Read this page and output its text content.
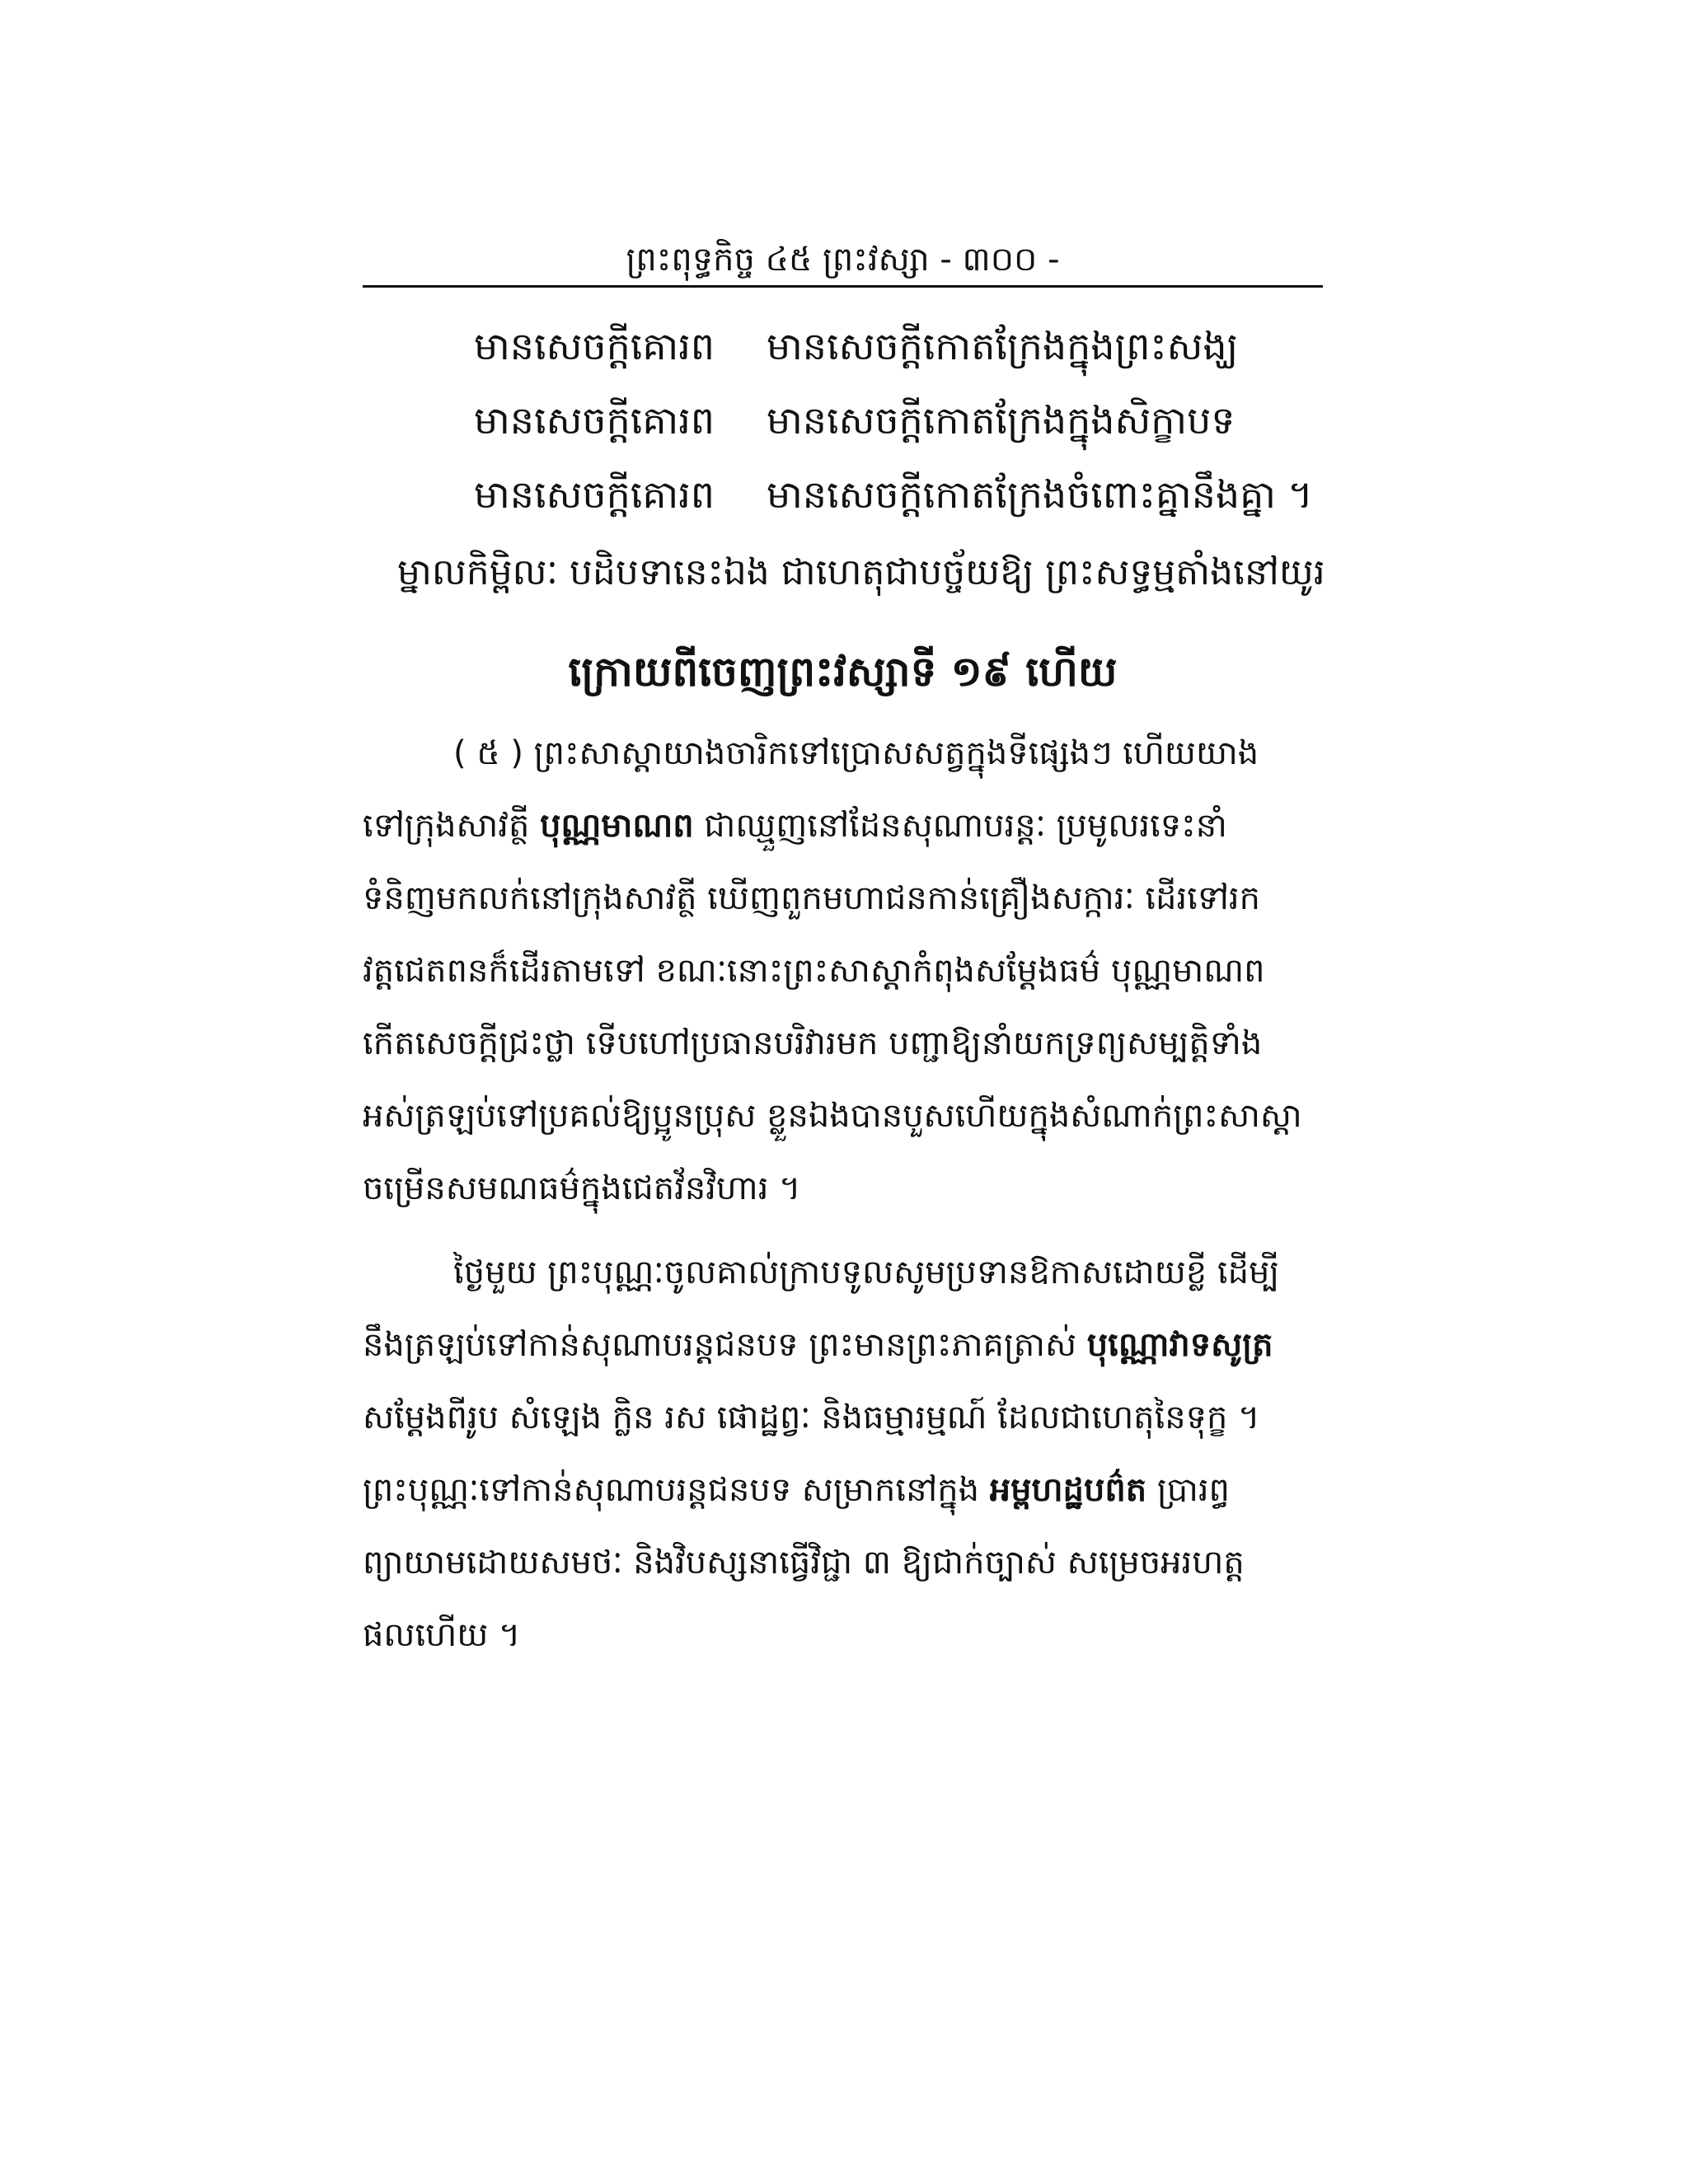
ព្រះពុទ្ធកិច្ច ៤៥ ព្រះវស្សា - ៣០០ -
មានសេចក្តីគោរព មានសេចក្តីកោតក្រែងក្នុងព្រះសង្ឃ
មានសេចក្តីគោរព មានសេចក្តីកោតក្រែងក្នុងសិក្ខាបទ
មានសេចក្តីគោរព មានសេចក្តីកោតក្រែងចំពោះគ្នានឹងគ្នា ។
ម្នាលកិម្ពិលៈ បដិបទានេះឯង ជាហេតុជាបច្ច័យឱ្យ ព្រះសទ្ធម្មតាំងនៅយូរ
ក្រោយពីចេញព្រះវស្សាទី ១៩ ហើយ
( ៥ ) ព្រះសាស្តាយាងចារិកទៅប្រោសសត្វក្នុងទីផ្សេងៗ ហើយយាង
ទៅក្រុងសាវត្ថី បុណ្ណមាណព ជាឈ្មួញនៅដែនសុណាបរន្តៈ ប្រមូលរទេះនាំ
ទំនិញមកលក់នៅក្រុងសាវត្ថី ឃើញពួកមហាជនកាន់គ្រឿងសក្ការៈ ដើរទៅរក
វត្តជេតពនក៏ដើរតាមទៅ ខណៈនោះព្រះសាស្តាកំពុងសម្តែងធម៌ បុណ្ណមាណព
កើតសេចក្តីជ្រះថ្លា ទើបហៅប្រធានបរិវារមក បញ្ជាឱ្យនាំយកទ្រព្យសម្បត្តិទាំង
អស់ត្រឡប់ទៅប្រគល់ឱ្យប្អូនប្រុស ខ្លួនឯងបានបួសហើយក្នុងសំណាក់ព្រះសាស្តា
ចម្រើនសមណធម៌ក្នុងជេតវ័នវិហារ ។
ថ្ងៃមួយ ព្រះបុណ្ណៈចូលគាល់ក្រាបទូលសូមប្រទានឱកាសដោយខ្លី ដើម្បី
នឹងត្រឡប់ទៅកាន់សុណាបរន្តជនបទ ព្រះមានព្រះភាគត្រាស់ បុណ្ណោវាទសូត្រ
សម្តែងពីរូប សំឡេង ក្លិន រស ផោដ្ឋព្វៈ និងធម្មារម្មណ៍ ដែលជាហេតុនៃទុក្ខ ។
ព្រះបុណ្ណៈទៅកាន់សុណាបរន្តជនបទ សម្រាកនៅក្នុង អម្ពហដ្ឋបព៌ត ប្រារព្ធ
ព្យាយាមដោយសមថៈ និងវិបស្សនាធ្វើវិជ្ជា ៣ ឱ្យជាក់ច្បាស់ សម្រេចអរហត្ត
ផលហើយ ។
